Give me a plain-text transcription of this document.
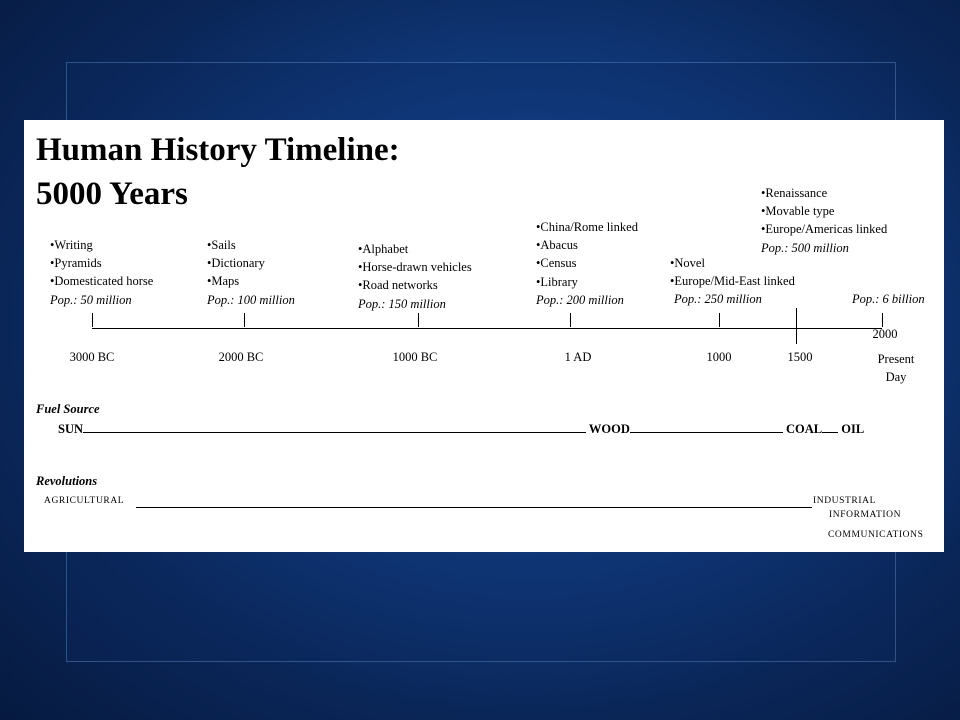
Human History Timeline:
5000 Years
• Writing
• Pyramids
• Domesticated horse
Pop.: 50 million
• Sails
• Dictionary
• Maps
Pop.: 100 million
• Alphabet
• Horse-drawn vehicles
• Road networks
Pop.: 150 million
• China/Rome linked
• Abacus
• Census
• Library
Pop.: 200 million
• Novel
• Europe/Mid-East linked
Pop.: 250 million
• Renaissance
• Movable type
• Europe/Americas linked
Pop.: 500 million
Pop.: 6 billion
3000 BC	2000 BC	1000 BC	1 AD	1000	1500
2000
Present
Day
Fuel Source
SUN	WOOD	COAL OIL
Revolutions
AGRICULTURAL	INDUSTRIAL
INFORMATION
COMMUNICATIONS
